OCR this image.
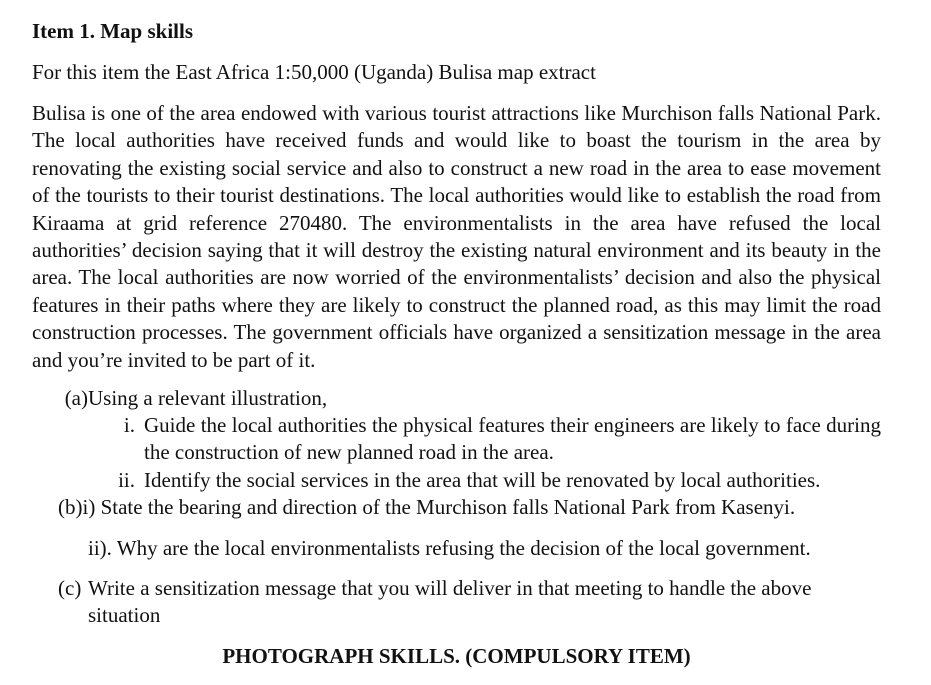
Item 1. Map skills
For this item the East Africa 1:50,000 (Uganda) Bulisa map extract

Bulisa is one of the area endowed with various tourist attractions like Murchison falls National Park. The local authorities have received funds and would like to boast the tourism in the area by renovating the existing social service and also to construct a new road in the area to ease movement of the tourists to their tourist destinations. The local authorities would like to establish the road from Kiraama at grid reference 270480. The environmentalists in the area have refused the local authorities’ decision saying that it will destroy the existing natural environment and its beauty in the area. The local authorities are now worried of the environmentalists’ decision and also the physical features in their paths where they are likely to construct the planned road, as this may limit the road construction processes. The government officials have organized a sensitization message in the area and you’re invited to be part of it.

(a) Using a relevant illustration,
i. Guide the local authorities the physical features their engineers are likely to face during the construction of new planned road in the area.
ii. Identify the social services in the area that will be renovated by local authorities.
(b)i) State the bearing and direction of the Murchison falls National Park from Kasenyi.
ii). Why are the local environmentalists refusing the decision of the local government.
(c) Write a sensitization message that you will deliver in that meeting to handle the above
situation
PHOTOGRAPH SKILLS. (COMPULSORY ITEM)
